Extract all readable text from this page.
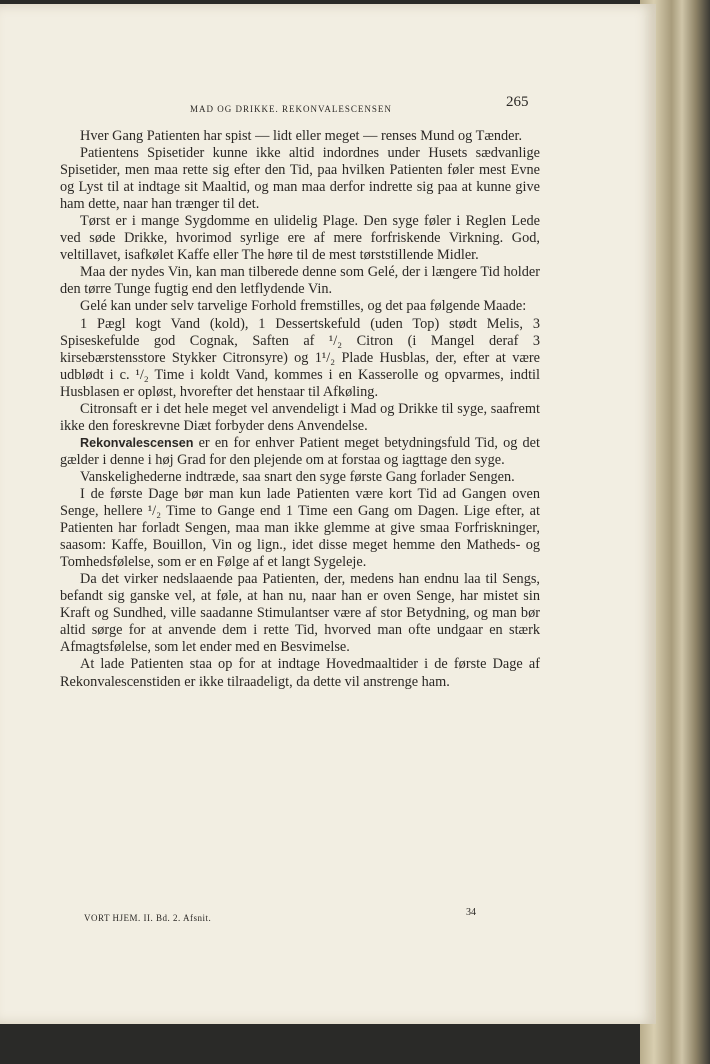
MAD OG DRIKKE. REKONVALESCENSEN	265

Hver Gang Patienten har spist — lidt eller meget — renses Mund og Tænder.

Patientens Spisetider kunne ikke altid indordnes under Husets sædvanlige Spisetider, men maa rette sig efter den Tid, paa hvilken Patienten føler mest Evne og Lyst til at indtage sit Maaltid, og man maa derfor indrette sig paa at kunne give ham dette, naar han trænger til det.

Tørst er i mange Sygdomme en ulidelig Plage. Den syge føler i Reglen Lede ved søde Drikke, hvorimod syrlige ere af mere forfriskende Virkning. God, veltillavet, isafkølet Kaffe eller The høre til de mest tørststillende Midler.

Maa der nydes Vin, kan man tilberede denne som Gelé, der i længere Tid holder den tørre Tunge fugtig end den letflydende Vin.

Gelé kan under selv tarvelige Forhold fremstilles, og det paa følgende Maade:

1 Pægl kogt Vand (kold), 1 Dessertskefuld (uden Top) stødt Melis, 3 Spiseskefulde god Cognak, Saften af ¹/₂ Citron (i Mangel deraf 3 kirsebærstensstore Stykker Citronsyre) og 1¹/₂ Plade Husblas, der, efter at være udblødt i c. ¹/₂ Time i koldt Vand, kommes i en Kasserolle og opvarmes, indtil Husblasen er opløst, hvorefter det henstaar til Afkøling.

Citronsaft er i det hele meget vel anvendeligt i Mad og Drikke til syge, saafremt ikke den foreskrevne Diæt forbyder dens Anvendelse.

Rekonvalescensen er en for enhver Patient meget betydningsfuld Tid, og det gælder i denne i høj Grad for den plejende om at forstaa og iagttage den syge.

Vanskelighederne indtræde, saa snart den syge første Gang forlader Sengen.

I de første Dage bør man kun lade Patienten være kort Tid ad Gangen oven Senge, hellere ¹/₂ Time to Gange end 1 Time een Gang om Dagen. Lige efter, at Patienten har forladt Sengen, maa man ikke glemme at give smaa Forfriskninger, saasom: Kaffe, Bouillon, Vin og lign., idet disse meget hemme den Matheds- og Tomhedsfølelse, som er en Følge af et langt Sygeleje.

Da det virker nedslaaende paa Patienten, der, medens han endnu laa til Sengs, befandt sig ganske vel, at føle, at han nu, naar han er oven Senge, har mistet sin Kraft og Sundhed, ville saadanne Stimulantser være af stor Betydning, og man bør altid sørge for at anvende dem i rette Tid, hvorved man ofte undgaar en stærk Afmagtsfølelse, som let ender med en Besvimelse.

At lade Patienten staa op for at indtage Hovedmaaltider i de første Dage af Rekonvalescenstiden er ikke tilraadeligt, da dette vil anstrenge ham.

VORT HJEM. II. Bd. 2. Afsnit.	34
